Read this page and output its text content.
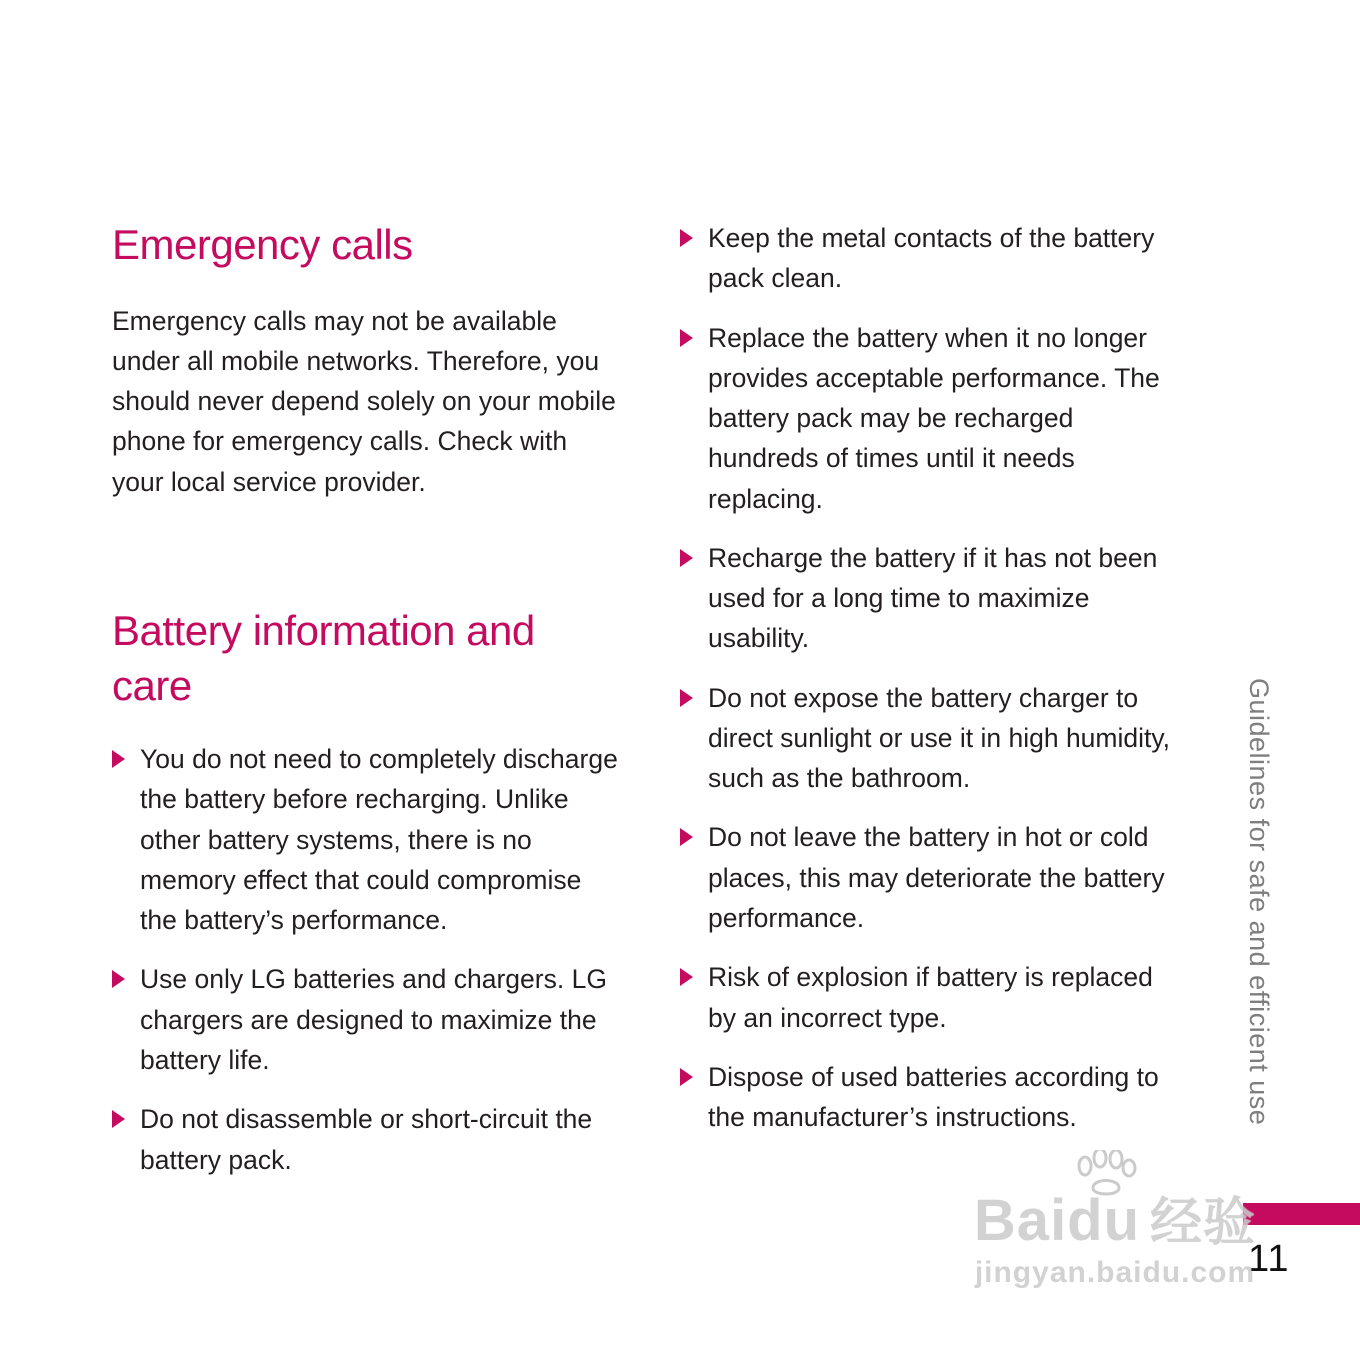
Emergency calls

Emergency calls may not be available under all mobile networks. Therefore, you should never depend solely on your mobile phone for emergency calls. Check with your local service provider.

Battery information and care
You do not need to completely discharge the battery before recharging. Unlike other battery systems, there is no memory effect that could compromise the battery’s performance.
Use only LG batteries and chargers. LG chargers are designed to maximize the battery life.
Do not disassemble or short-circuit the battery pack.
Keep the metal contacts of the battery pack clean.
Replace the battery when it no longer provides acceptable performance. The battery pack may be recharged hundreds of times until it needs replacing.
Recharge the battery if it has not been used for a long time to maximize usability.
Do not expose the battery charger to direct sunlight or use it in high humidity, such as the bathroom.
Do not leave the battery in hot or cold places, this may deteriorate the battery performance.
Risk of explosion if battery is replaced by an incorrect type.
Dispose of used batteries according to the manufacturer’s instructions.	Guidelines for safe and efficient use
11
Baidu 经验
jingyan.baidu.com
